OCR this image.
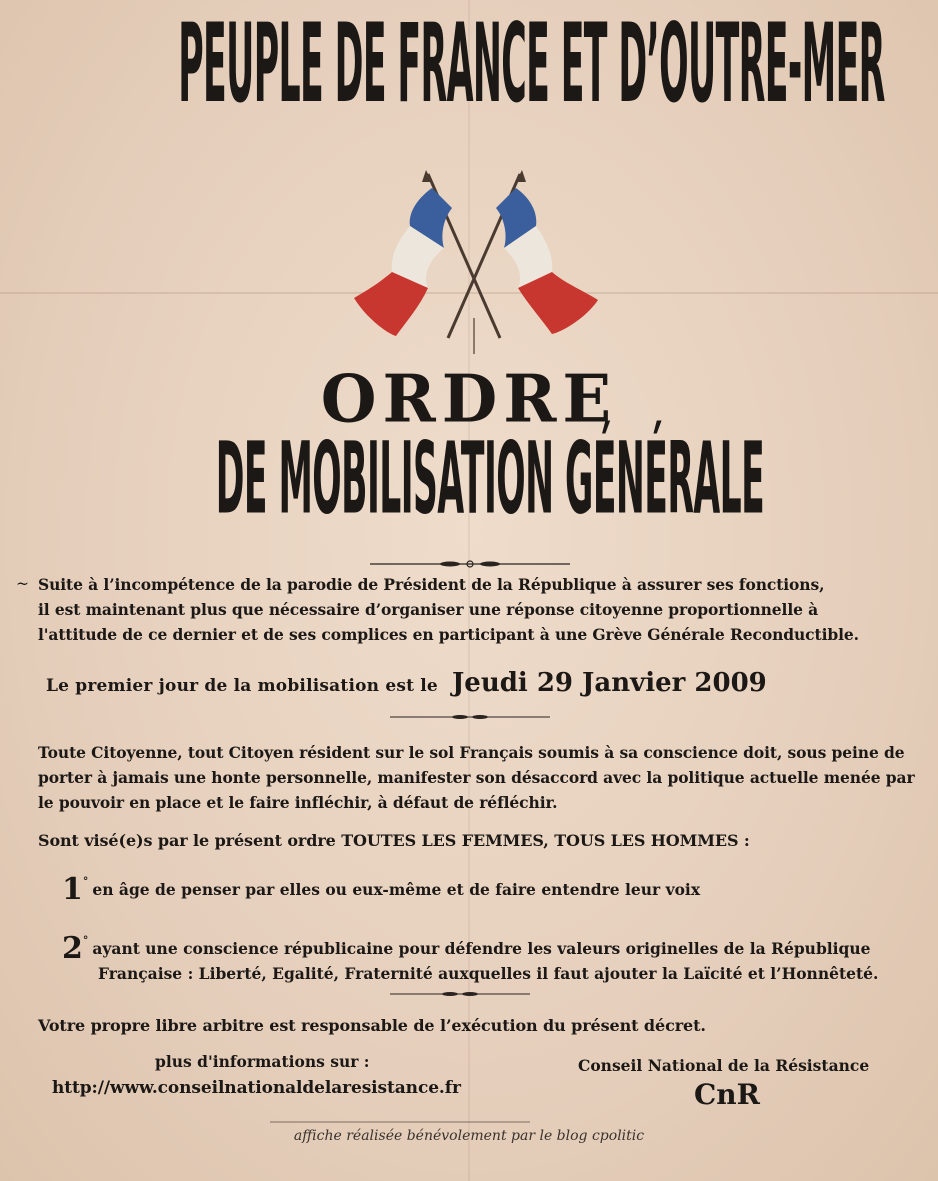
PEUPLE DE FRANCE ET D’OUTRE-MER
ORDRE
DE MOBILISATION GÉNÉRALE
~ Suite à l’incompétence de la parodie de Président de la République à assurer ses fonctions,
il est maintenant plus que nécessaire d’organiser une réponse citoyenne proportionnelle à
l'attitude de ce dernier et de ses complices en participant à une Grève Générale Reconductible.
Le premier jour de la mobilisation est le Jeudi 29 Janvier 2009
Toute Citoyenne, tout Citoyen résident sur le sol Français soumis à sa conscience doit, sous peine de
porter à jamais une honte personnelle, manifester son désaccord avec la politique actuelle menée par
le pouvoir en place et le faire infléchir, à défaut de réfléchir.
Sont visé(e)s par le présent ordre TOUTES LES FEMMES, TOUS LES HOMMES :
1° en âge de penser par elles ou eux-même et de faire entendre leur voix
2° ayant une conscience républicaine pour défendre les valeurs originelles de la République
Française : Liberté, Egalité, Fraternité auxquelles il faut ajouter la Laïcité et l’Honnêteté.
Votre propre libre arbitre est responsable de l’exécution du présent décret.
plus d'informations sur :
http://www.conseilnationaldelaresistance.fr
Conseil National de la Résistance
CnR
affiche réalisée bénévolement par le blog cpolitic
